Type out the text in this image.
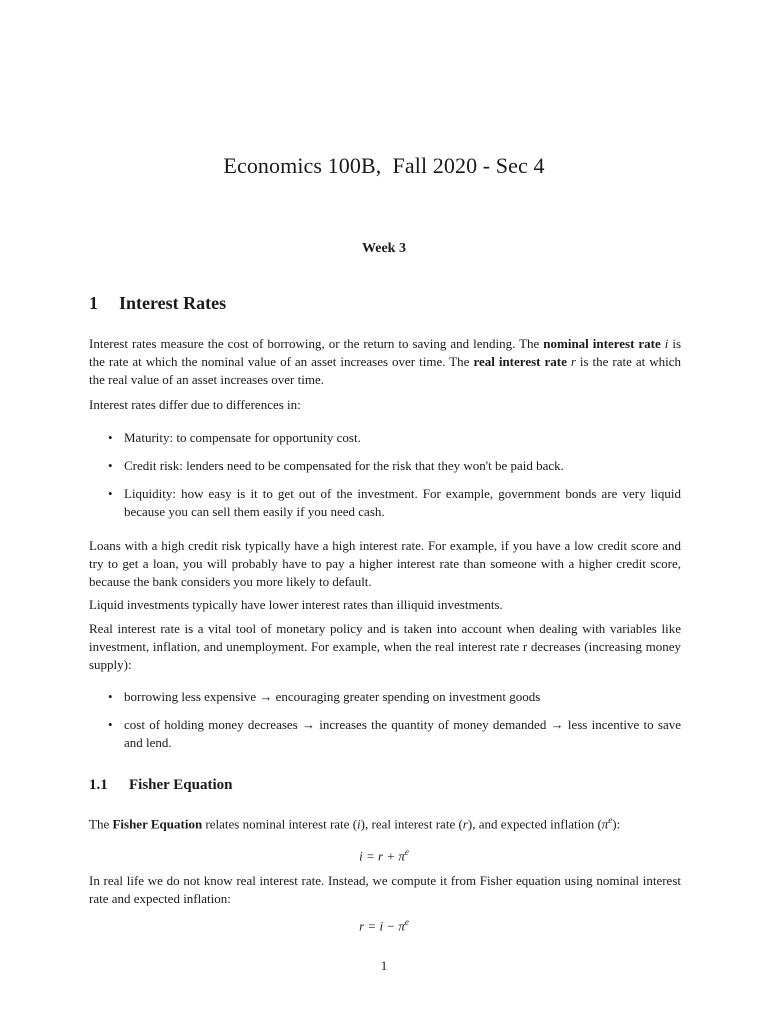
Economics 100B,  Fall 2020 - Sec 4
Week 3
1 Interest Rates
Interest rates measure the cost of borrowing, or the return to saving and lending. The nominal interest rate i is the rate at which the nominal value of an asset increases over time. The real interest rate r is the rate at which the real value of an asset increases over time.
Interest rates differ due to differences in:
• Maturity: to compensate for opportunity cost.
• Credit risk: lenders need to be compensated for the risk that they won't be paid back.
• Liquidity: how easy is it to get out of the investment. For example, government bonds are very liquid because you can sell them easily if you need cash.
Loans with a high credit risk typically have a high interest rate. For example, if you have a low credit score and try to get a loan, you will probably have to pay a higher interest rate than someone with a higher credit score, because the bank considers you more likely to default.
Liquid investments typically have lower interest rates than illiquid investments.
Real interest rate is a vital tool of monetary policy and is taken into account when dealing with variables like investment, inflation, and unemployment. For example, when the real interest rate r decreases (increasing money supply):
• borrowing less expensive → encouraging greater spending on investment goods
• cost of holding money decreases → increases the quantity of money demanded → less incentive to save and lend.
1.1 Fisher Equation
The Fisher Equation relates nominal interest rate (i), real interest rate (r), and expected inflation $(\pi^e)$:
$i = r + \pi^e$
In real life we do not know real interest rate. Instead, we compute it from Fisher equation using nominal interest rate and expected inflation:
$r = i - \pi^e$
1
